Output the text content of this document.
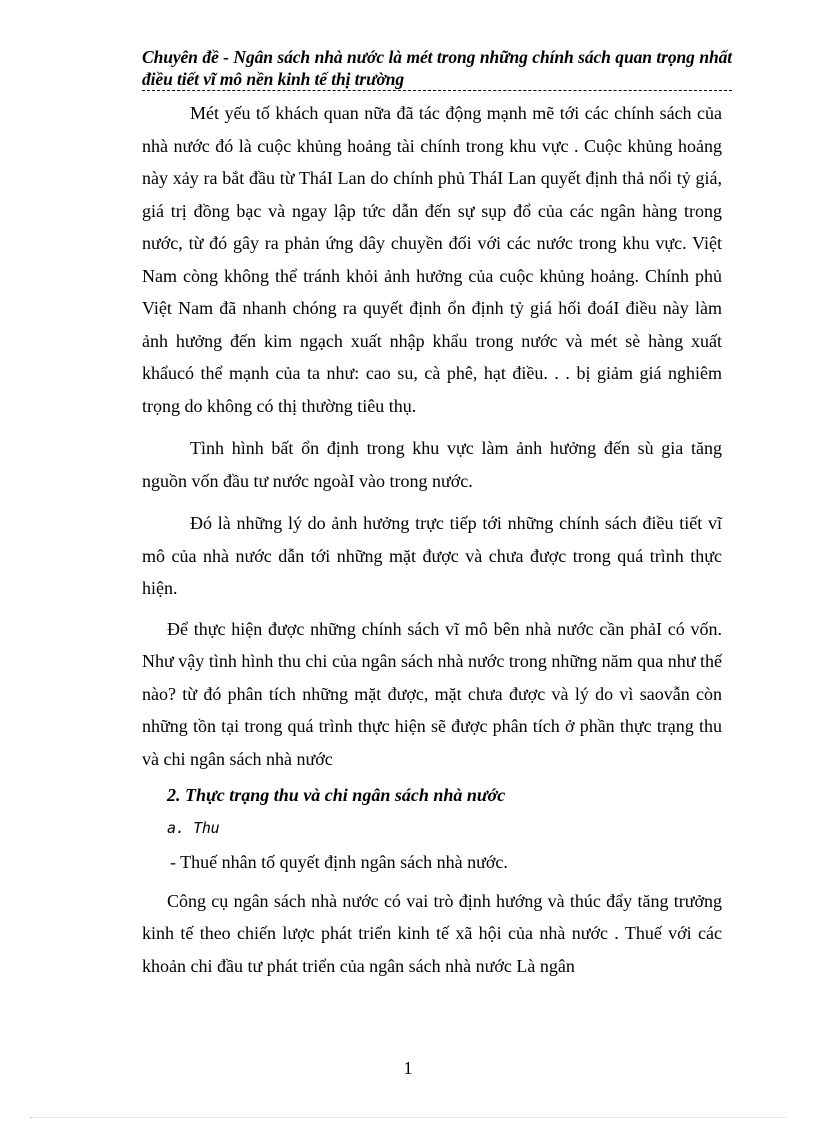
Chuyên đề - Ngân sách nhà nước là mét trong những chính sách quan trọng nhất điều tiết vĩ mô nền kinh tế thị trường

Mét yếu tố khách quan nữa đã tác động mạnh mẽ tới các chính sách của nhà nước đó là cuộc khủng hoảng tài chính trong khu vực . Cuộc khủng hoảng này xảy ra bắt đầu từ TháI Lan do chính phủ TháI Lan quyết định thả nổi tỷ giá, giá trị đồng bạc và ngay lập tức dẫn đến sự sụp đổ của các ngân hàng trong nước, từ đó gây ra phản ứng dây chuyền đối với các nước trong khu vực. Việt Nam còng không thể tránh khỏi ảnh hưởng của cuộc khủng hoảng. Chính phủ Việt Nam đã nhanh chóng ra quyết định ổn định tỷ giá hối đoáI điều này làm ảnh hưởng đến kim ngạch xuất nhập khẩu trong nước và mét sè hàng xuất khẩucó thể mạnh của ta như: cao su, cà phê, hạt điều. . . bị giảm giá nghiêm trọng do không có thị thường tiêu thụ.

Tình hình bất ổn định trong khu vực làm ảnh hưởng đến sù gia tăng nguồn vốn đầu tư nước ngoàI vào trong nước.

Đó là những lý do ảnh hưởng trực tiếp tới những chính sách điều tiết vĩ mô của nhà nước dẫn tới những mặt được và chưa được trong quá trình thực hiện.

Để thực hiện được những chính sách vĩ mô bên nhà nước cần phảI có vốn. Như vậy tình hình thu chi của ngân sách nhà nước trong những năm qua như thế nào? từ đó phân tích những mặt được, mặt chưa được và lý do vì saovẫn còn những tồn tại trong quá trình thực hiện sẽ được phân tích ở phần thực trạng thu và chi ngân sách nhà nước

2. Thực trạng thu và chi ngân sách nhà nước

a. Thu

- Thuế nhân tố quyết định ngân sách nhà nước.

Công cụ ngân sách nhà nước có vai trò định hướng và thúc đẩy tăng trưởng kinh tế theo chiến lược phát triển kinh tế xã hội của nhà nước . Thuế với các khoản chi đầu tư phát triển của ngân sách nhà nước Là ngân

1
